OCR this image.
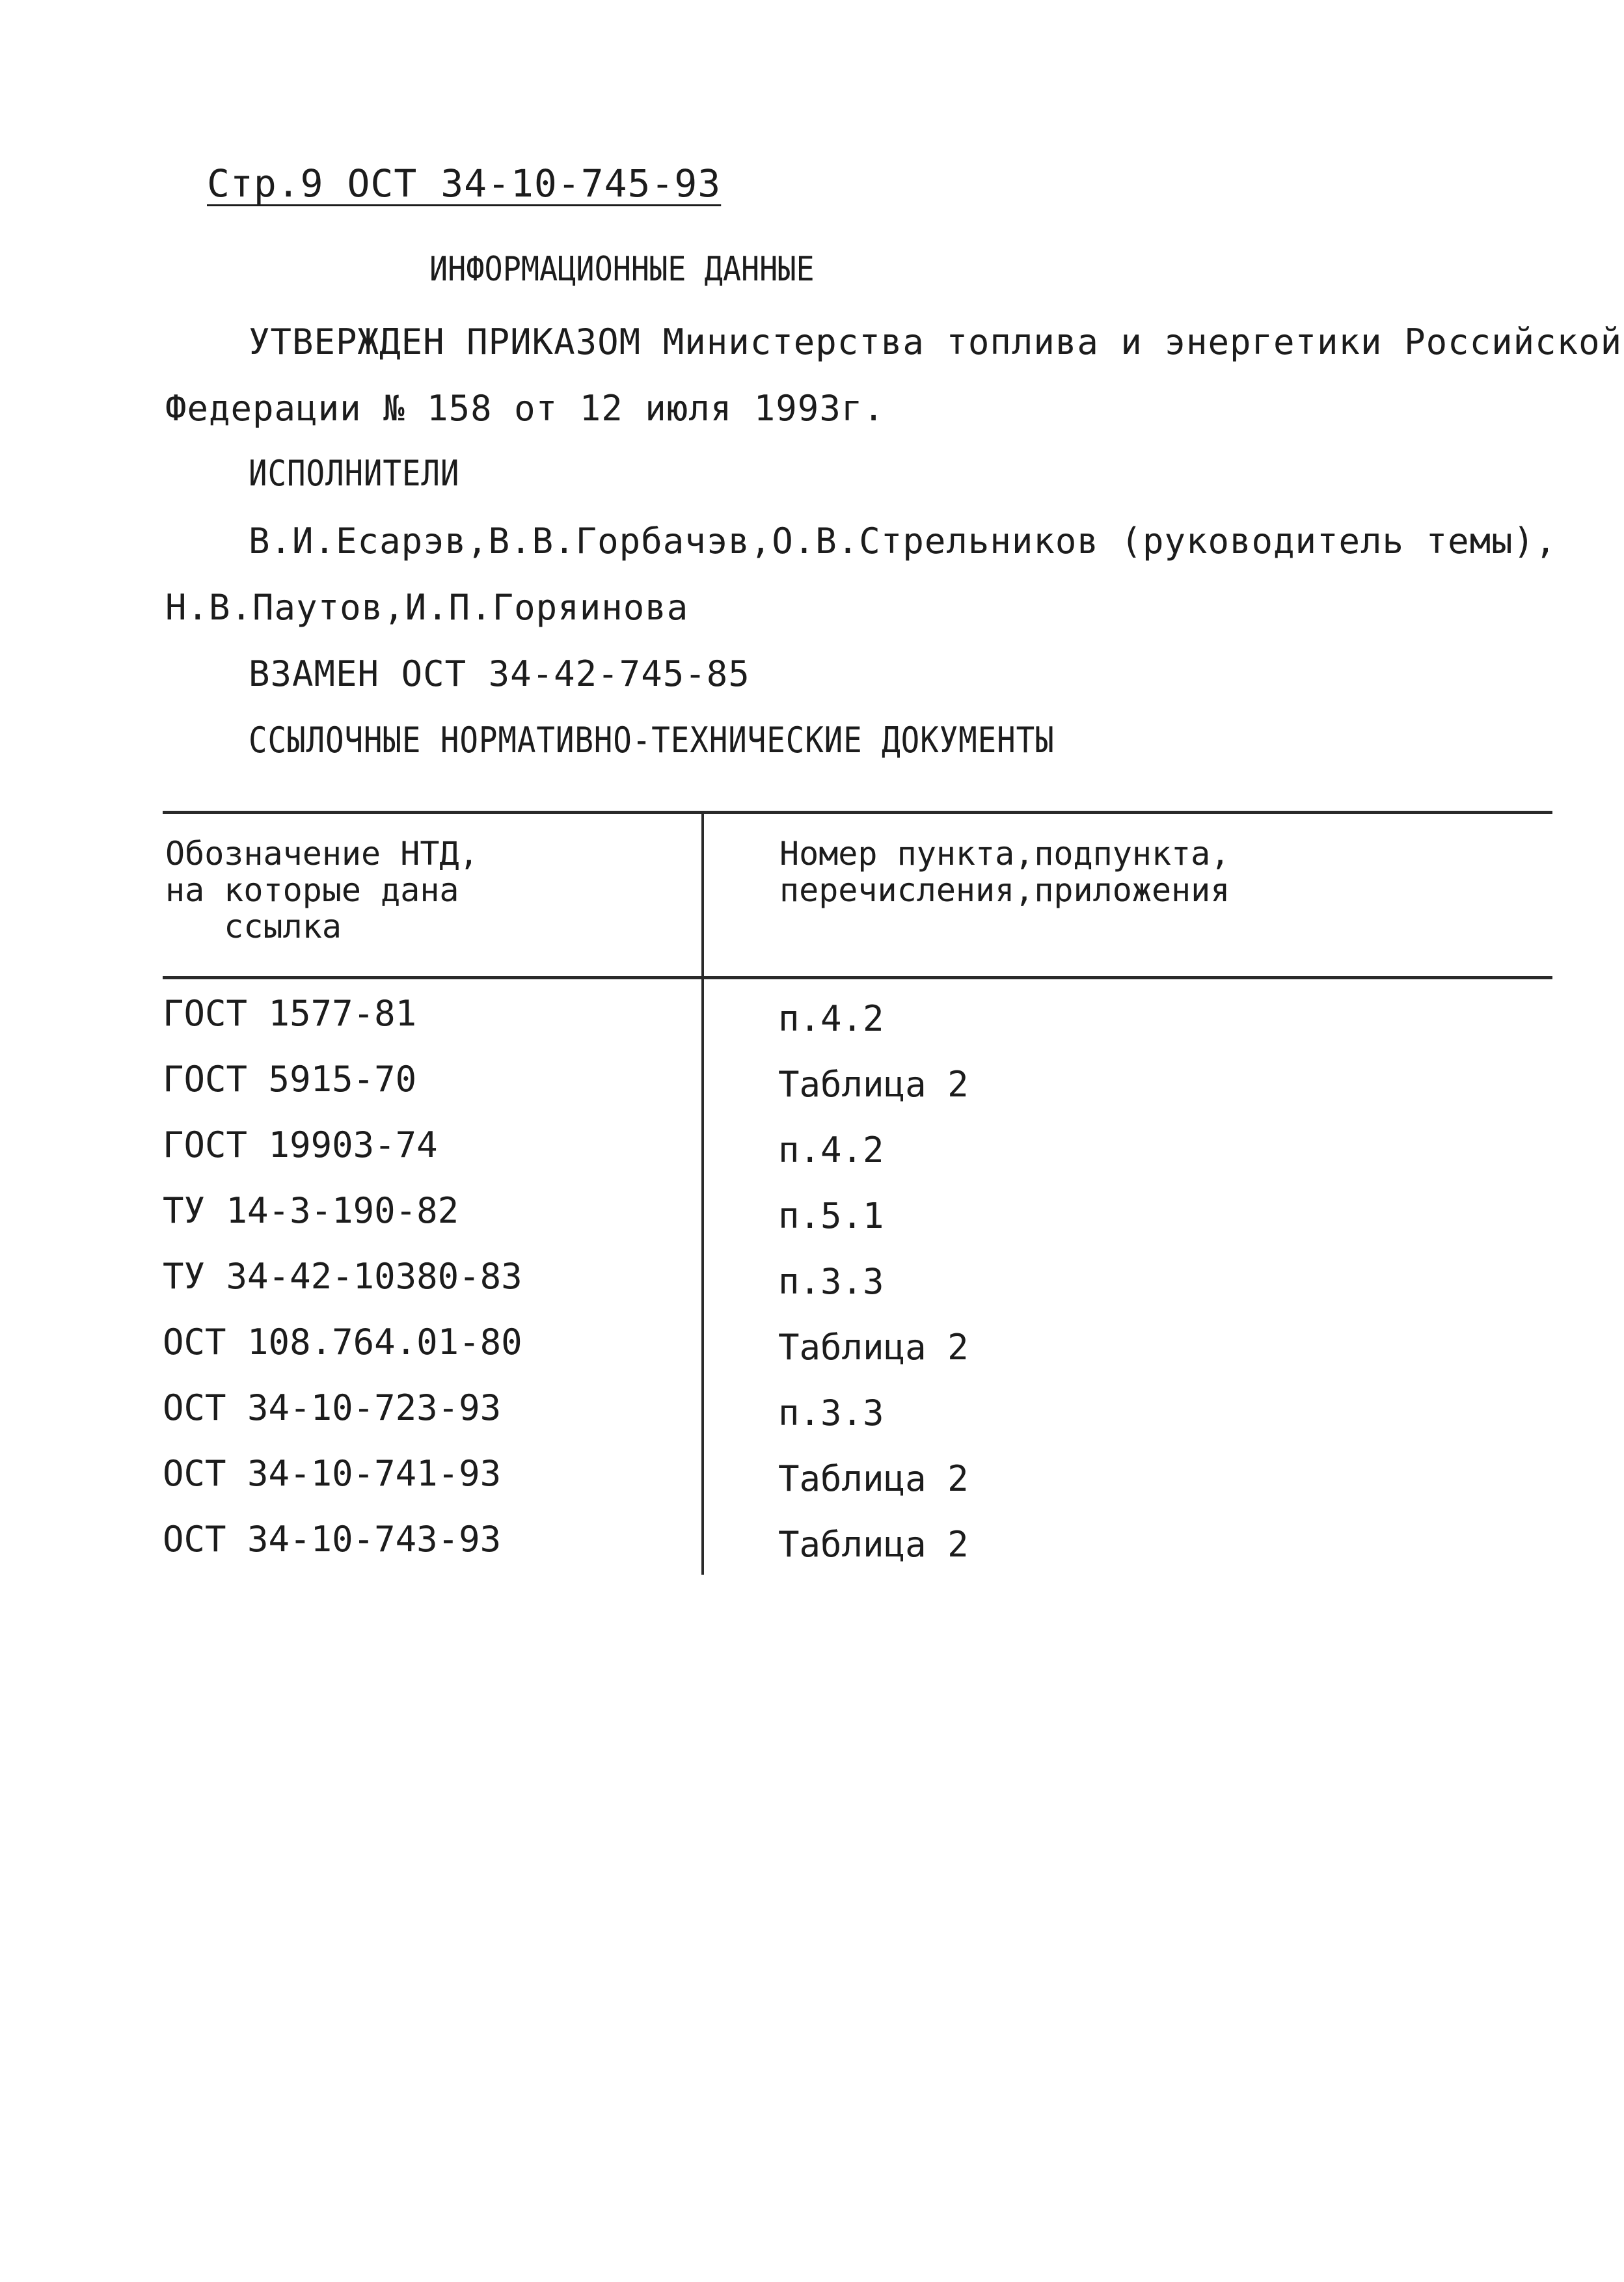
Стр.9 ОСТ 34-10-745-93
ИНФОРМАЦИОННЫЕ ДАННЫЕ
УТВЕРЖДЕН ПРИКАЗОМ Министерства топлива и энергетики Российской
Федерации № 158 от 12 июля 1993г.
ИСПОЛНИТЕЛИ
В.И.Есарэв,В.В.Горбачэв,О.В.Стрельников (руководитель темы),
Н.В.Паутов,И.П.Горяинова
ВЗАМЕН ОСТ 34-42-745-85
ССЫЛОЧНЫЕ НОРМАТИВНО-ТЕХНИЧЕСКИЕ ДОКУМЕНТЫ
Обозначение НТД,
на которые дана
ссылка
Номер пункта,подпункта,
перечисления,приложения
ГОСТ 1577-81	п.4.2
ГОСТ 5915-70	Таблица 2
ГОСТ 19903-74	п.4.2
ТУ 14-3-190-82	п.5.1
ТУ 34-42-10380-83	п.3.3
ОСТ 108.764.01-80	Таблица 2
ОСТ 34-10-723-93	п.3.3
ОСТ 34-10-741-93	Таблица 2
ОСТ 34-10-743-93	Таблица 2
